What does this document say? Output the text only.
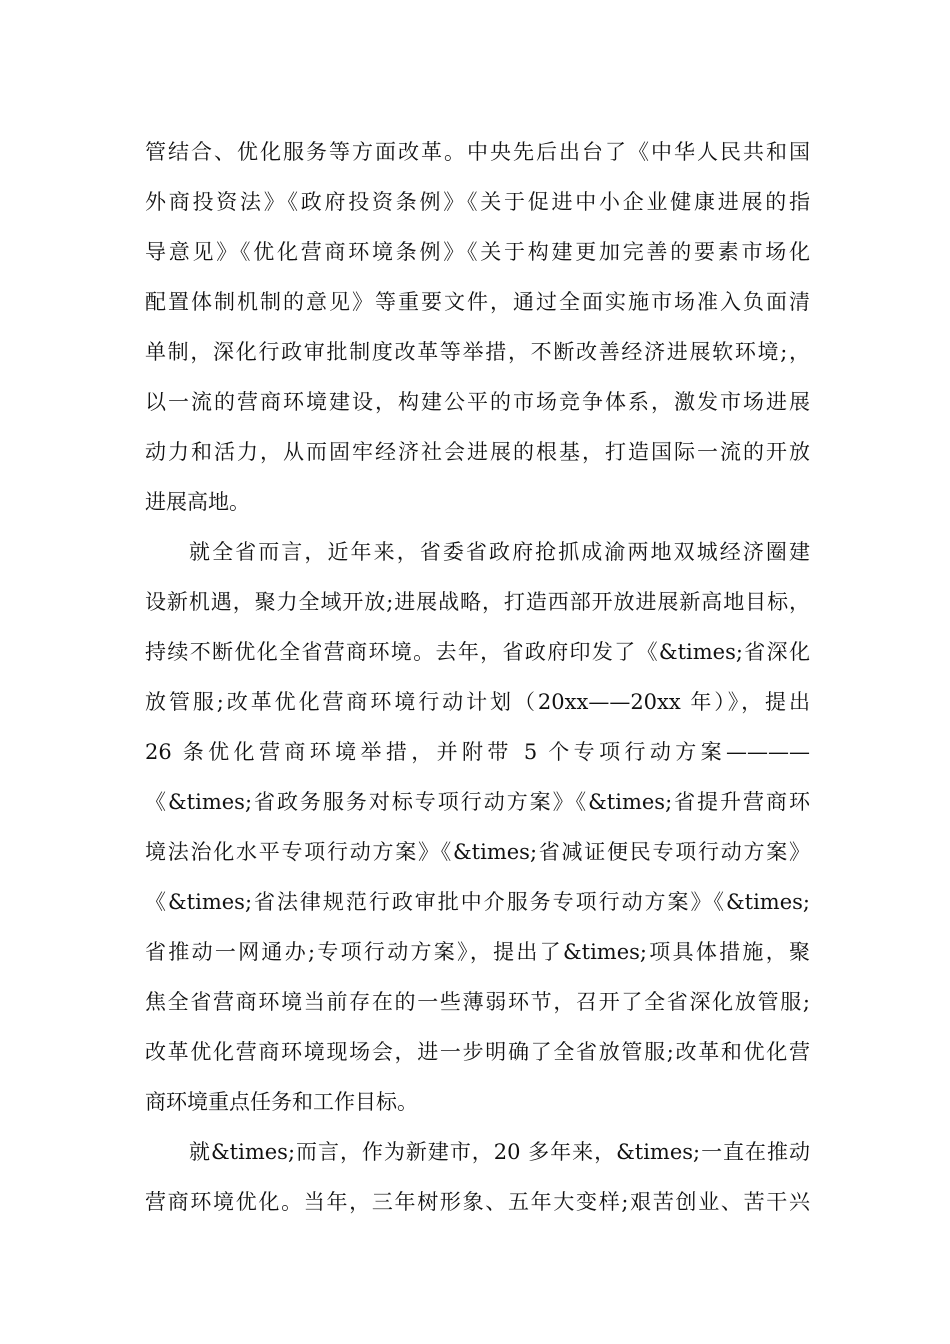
管结合、优化服务等方面改革。中央先后出台了《中华人民共和国
外商投资法》《政府投资条例》《关于促进中小企业健康进展的指
导意见》《优化营商环境条例》《关于构建更加完善的要素市场化
配置体制机制的意见》等重要文件，通过全面实施市场准入负面清
单制，深化行政审批制度改革等举措，不断改善经济进展软环境;，
以一流的营商环境建设，构建公平的市场竞争体系，激发市场进展
动力和活力，从而固牢经济社会进展的根基，打造国际一流的开放
进展高地。
就全省而言，近年来，省委省政府抢抓成渝两地双城经济圈建
设新机遇，聚力全域开放;进展战略，打造西部开放进展新高地目标，
持续不断优化全省营商环境。去年，省政府印发了《&times;省深化
放管服;改革优化营商环境行动计划（20xx——20xx 年）》，提出
26 条优化营商环境举措，并附带 5 个专项行动方案————
《&times;省政务服务对标专项行动方案》《&times;省提升营商环
境法治化水平专项行动方案》《&times;省减证便民专项行动方案》
《&times;省法律规范行政审批中介服务专项行动方案》《&times;
省推动一网通办;专项行动方案》，提出了&times;项具体措施，聚
焦全省营商环境当前存在的一些薄弱环节，召开了全省深化放管服;
改革优化营商环境现场会，进一步明确了全省放管服;改革和优化营
商环境重点任务和工作目标。
就&times;而言，作为新建市，20 多年来，&times;一直在推动
营商环境优化。当年，三年树形象、五年大变样;艰苦创业、苦干兴
